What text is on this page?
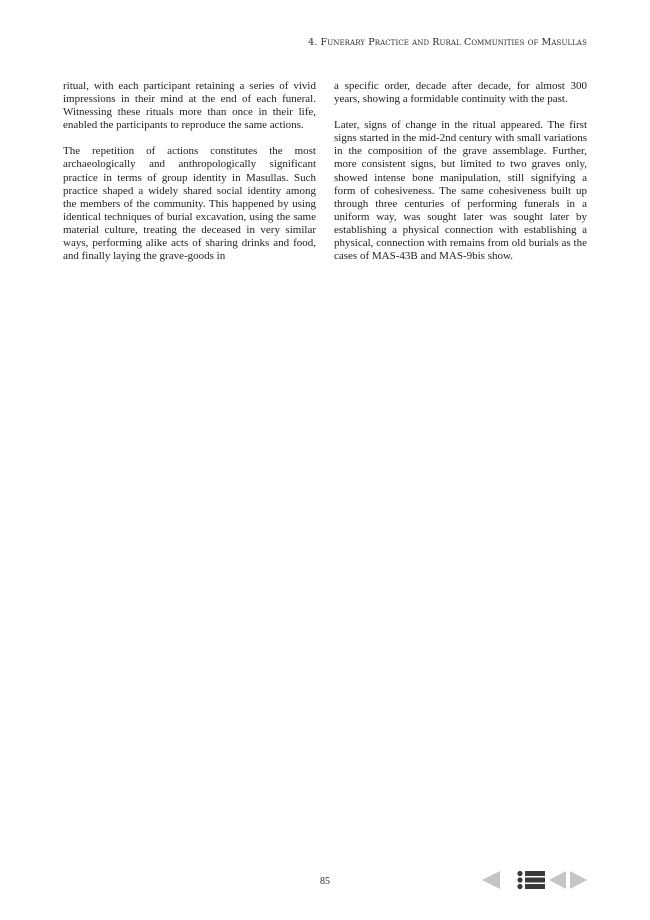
4. Funerary Practice and Rural Communities of Masullas

ritual, with each participant retaining a series of vivid impressions in their mind at the end of each funeral. Witnessing these rituals more than once in their life, enabled the participants to reproduce the same actions.

The repetition of actions constitutes the most archaeologically and anthropologically significant practice in terms of group identity in Masullas. Such practice shaped a widely shared social identity among the members of the community. This happened by using identical techniques of burial excavation, using the same material culture, treating the deceased in very similar ways, performing alike acts of sharing drinks and food, and finally laying the grave-goods in

a specific order, decade after decade, for almost 300 years, showing a formidable continuity with the past.

Later, signs of change in the ritual appeared. The first signs started in the mid-2nd century with small variations in the composition of the grave assemblage. Further, more consistent signs, but limited to two graves only, showed intense bone manipulation, still signifying a form of cohesiveness. The same cohesiveness built up through three centuries of performing funerals in a uniform way, was sought later was sought later by establishing a physical connection with establishing a physical, connection with remains from old burials as the cases of MAS-43B and MAS-9bis show.

85
